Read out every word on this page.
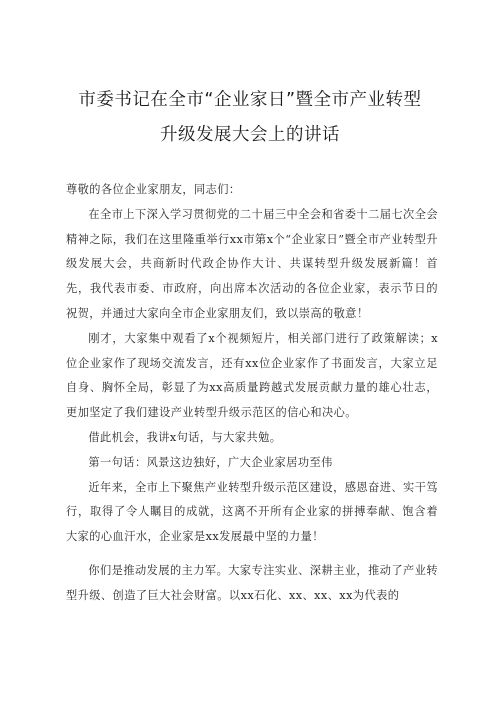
市委书记在全市“企业家日”暨全市产业转型
升级发展大会上的讲话

尊敬的各位企业家朋友，同志们：

在全市上下深入学习贯彻党的二十届三中全会和省委十二届七次全会精神之际，我们在这里隆重举行xx市第x个“企业家日”暨全市产业转型升级发展大会，共商新时代政企协作大计、共谋转型升级发展新篇！首先，我代表市委、市政府，向出席本次活动的各位企业家，表示节日的祝贺，并通过大家向全市企业家朋友们，致以崇高的敬意！

刚才，大家集中观看了x个视频短片，相关部门进行了政策解读；x位企业家作了现场交流发言，还有xx位企业家作了书面发言，大家立足自身、胸怀全局，彰显了为xx高质量跨越式发展贡献力量的雄心壮志，更加坚定了我们建设产业转型升级示范区的信心和决心。

借此机会，我讲x句话，与大家共勉。

第一句话：风景这边独好，广大企业家居功至伟

近年来，全市上下聚焦产业转型升级示范区建设，感恩奋进、实干笃行，取得了令人瞩目的成就，这离不开所有企业家的拼搏奉献、饱含着大家的心血汗水，企业家是xx发展最中坚的力量！

你们是推动发展的主力军。大家专注实业、深耕主业，推动了产业转型升级、创造了巨大社会财富。以xx石化、xx、xx、xx为代表的
